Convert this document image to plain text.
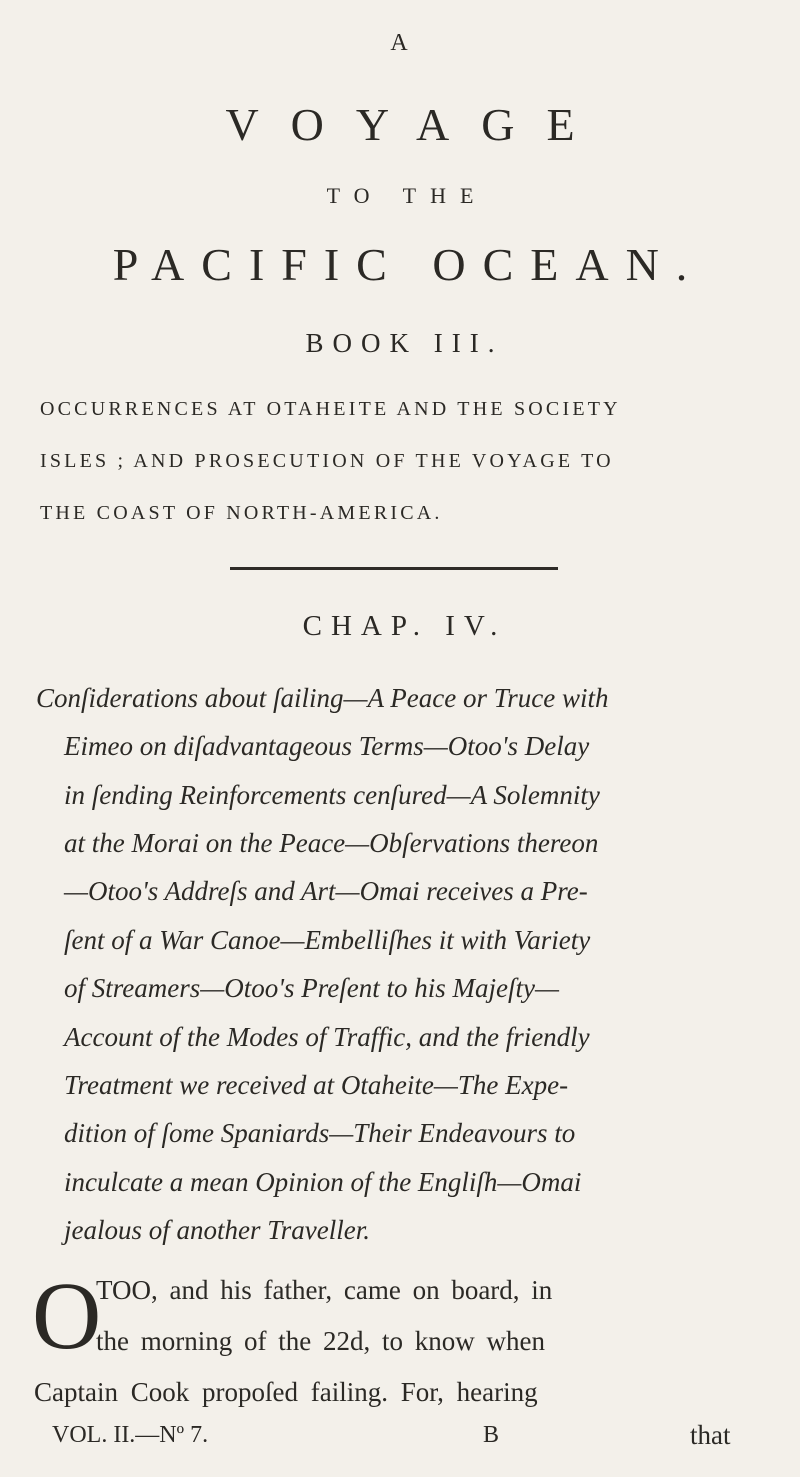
A
VOYAGE
TO THE
PACIFIC OCEAN.
BOOK III.
OCCURRENCES AT OTAHEITE AND THE SOCIETY
ISLES ; AND PROSECUTION OF THE VOYAGE TO
THE COAST OF NORTH-AMERICA.
CHAP. IV.
Conſiderations about ſailing—A Peace or Truce with
Eimeo on diſadvantageous Terms—Otoo's Delay
in ſending Reinforcements cenſured—A Solemnity
at the Morai on the Peace—Obſervations thereon
—Otoo's Addreſs and Art—Omai receives a Pre-
ſent of a War Canoe—Embelliſhes it with Variety
of Streamers—Otoo's Preſent to his Majeſty—
Account of the Modes of Traffic, and the friendly
Treatment we received at Otaheite—The Expe-
dition of ſome Spaniards—Their Endeavours to
inculcate a mean Opinion of the Engliſh—Omai
jealous of another Traveller.
O
TOO, and his father, came on board, in
the morning of the 22d, to know when
Captain Cook propoſed failing. For, hearing
VOL. II.—Nº 7.	B	that
